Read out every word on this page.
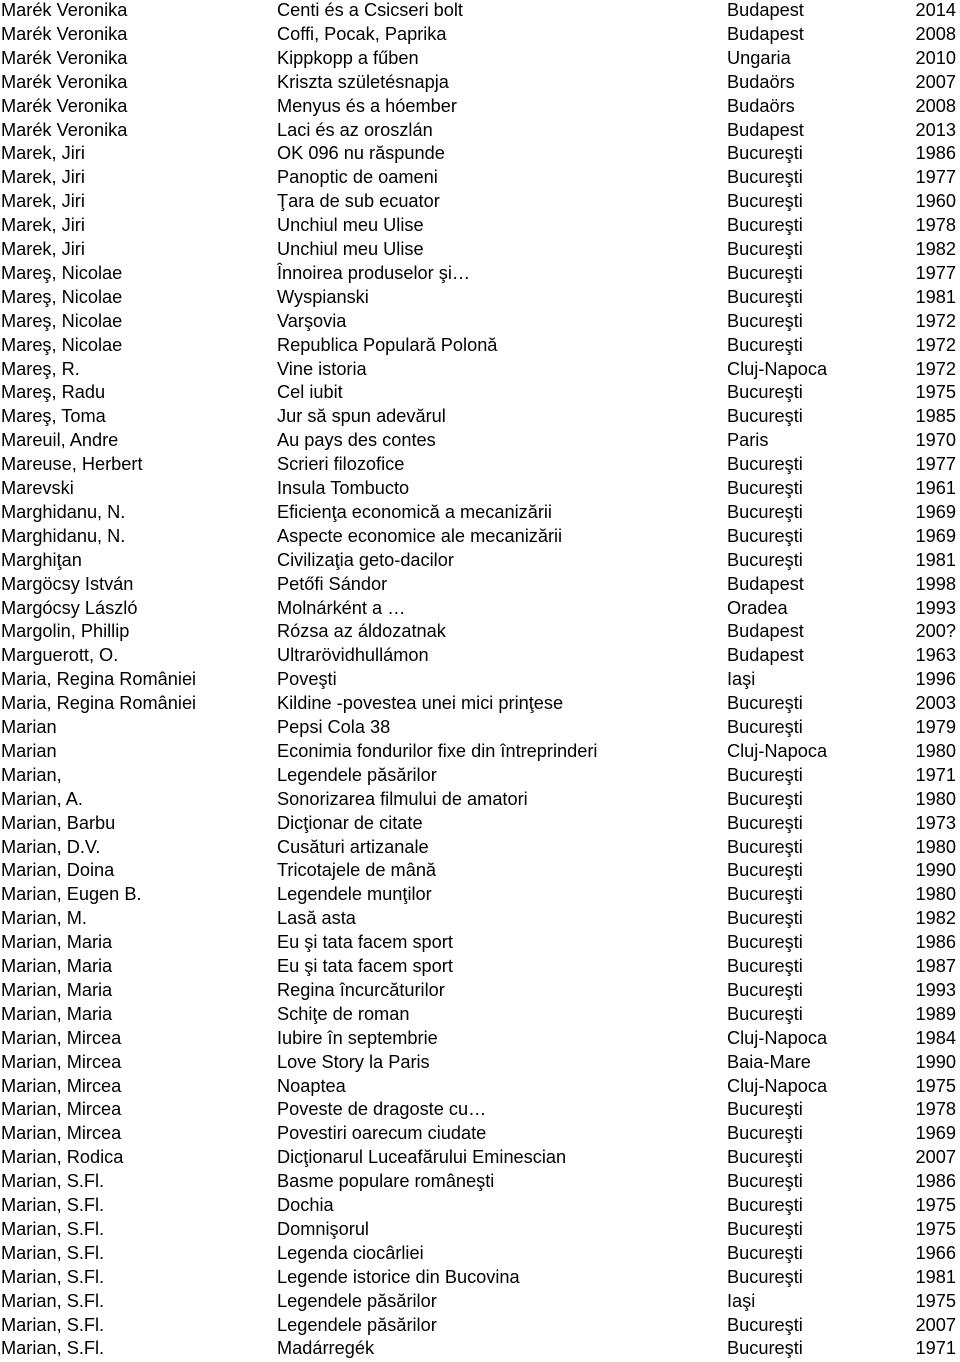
Marék Veronika	Centi és a Csicseri bolt	Budapest	2014
Marék Veronika	Coffi, Pocak, Paprika	Budapest	2008
Marék Veronika	Kippkopp a fűben	Ungaria	2010
Marék Veronika	Kriszta születésnapja	Budaörs	2007
Marék Veronika	Menyus és a hóember	Budaörs	2008
Marék Veronika	Laci és az oroszlán	Budapest	2013
Marek, Jiri	OK 096 nu răspunde	Bucureşti	1986
Marek, Jiri	Panoptic de oameni	Bucureşti	1977
Marek, Jiri	Ţara de sub ecuator	Bucureşti	1960
Marek, Jiri	Unchiul meu Ulise	Bucureşti	1978
Marek, Jiri	Unchiul meu Ulise	Bucureşti	1982
Mareş, Nicolae	Înnoirea produselor şi…	Bucureşti	1977
Mareş, Nicolae	Wyspianski	Bucureşti	1981
Mareş, Nicolae	Varşovia	Bucureşti	1972
Mareş, Nicolae	Republica Populară Polonă	Bucureşti	1972
Mareş, R.	Vine istoria	Cluj-Napoca	1972
Mareş, Radu	Cel iubit	Bucureşti	1975
Mareş, Toma	Jur să spun adevărul	Bucureşti	1985
Mareuil, Andre	Au pays des contes	Paris	1970
Mareuse, Herbert	Scrieri filozofice	Bucureşti	1977
Marevski	Insula Tombucto	Bucureşti	1961
Marghidanu, N.	Eficienţa economică a mecanizării	Bucureşti	1969
Marghidanu, N.	Aspecte economice ale mecanizării	Bucureşti	1969
Marghiţan	Civilizaţia geto-dacilor	Bucureşti	1981
Margöcsy István	Petőfi Sándor	Budapest	1998
Margócsy László	Molnárként a …	Oradea	1993
Margolin, Phillip	Rózsa az áldozatnak	Budapest	200?
Marguerott, O.	Ultrarövidhullámon	Budapest	1963
Maria, Regina României	Poveşti	Iaşi	1996
Maria, Regina României	Kildine -povestea unei mici prinţese	Bucureşti	2003
Marian	Pepsi Cola 38	Bucureşti	1979
Marian	Econimia fondurilor fixe din întreprinderi	Cluj-Napoca	1980
Marian,	Legendele păsărilor	Bucureşti	1971
Marian, A.	Sonorizarea filmului de amatori	Bucureşti	1980
Marian, Barbu	Dicţionar de citate	Bucureşti	1973
Marian, D.V.	Cusături artizanale	Bucureşti	1980
Marian, Doina	Tricotajele de mână	Bucureşti	1990
Marian, Eugen B.	Legendele munţilor	Bucureşti	1980
Marian, M.	Lasă asta	Bucureşti	1982
Marian, Maria	Eu şi tata facem sport	Bucureşti	1986
Marian, Maria	Eu şi tata facem sport	Bucureşti	1987
Marian, Maria	Regina încurcăturilor	Bucureşti	1993
Marian, Maria	Schiţe de roman	Bucureşti	1989
Marian, Mircea	Iubire în septembrie	Cluj-Napoca	1984
Marian, Mircea	Love Story la Paris	Baia-Mare	1990
Marian, Mircea	Noaptea	Cluj-Napoca	1975
Marian, Mircea	Poveste de dragoste cu…	Bucureşti	1978
Marian, Mircea	Povestiri oarecum ciudate	Bucureşti	1969
Marian, Rodica	Dicţionarul Luceafărului Eminescian	Bucureşti	2007
Marian, S.Fl.	Basme populare româneşti	Bucureşti	1986
Marian, S.Fl.	Dochia	Bucureşti	1975
Marian, S.Fl.	Domnişorul	Bucureşti	1975
Marian, S.Fl.	Legenda ciocârliei	Bucureşti	1966
Marian, S.Fl.	Legende istorice din Bucovina	Bucureşti	1981
Marian, S.Fl.	Legendele păsărilor	Iaşi	1975
Marian, S.Fl.	Legendele păsărilor	Bucureşti	2007
Marian, S.Fl.	Madárregék	Bucureşti	1971
